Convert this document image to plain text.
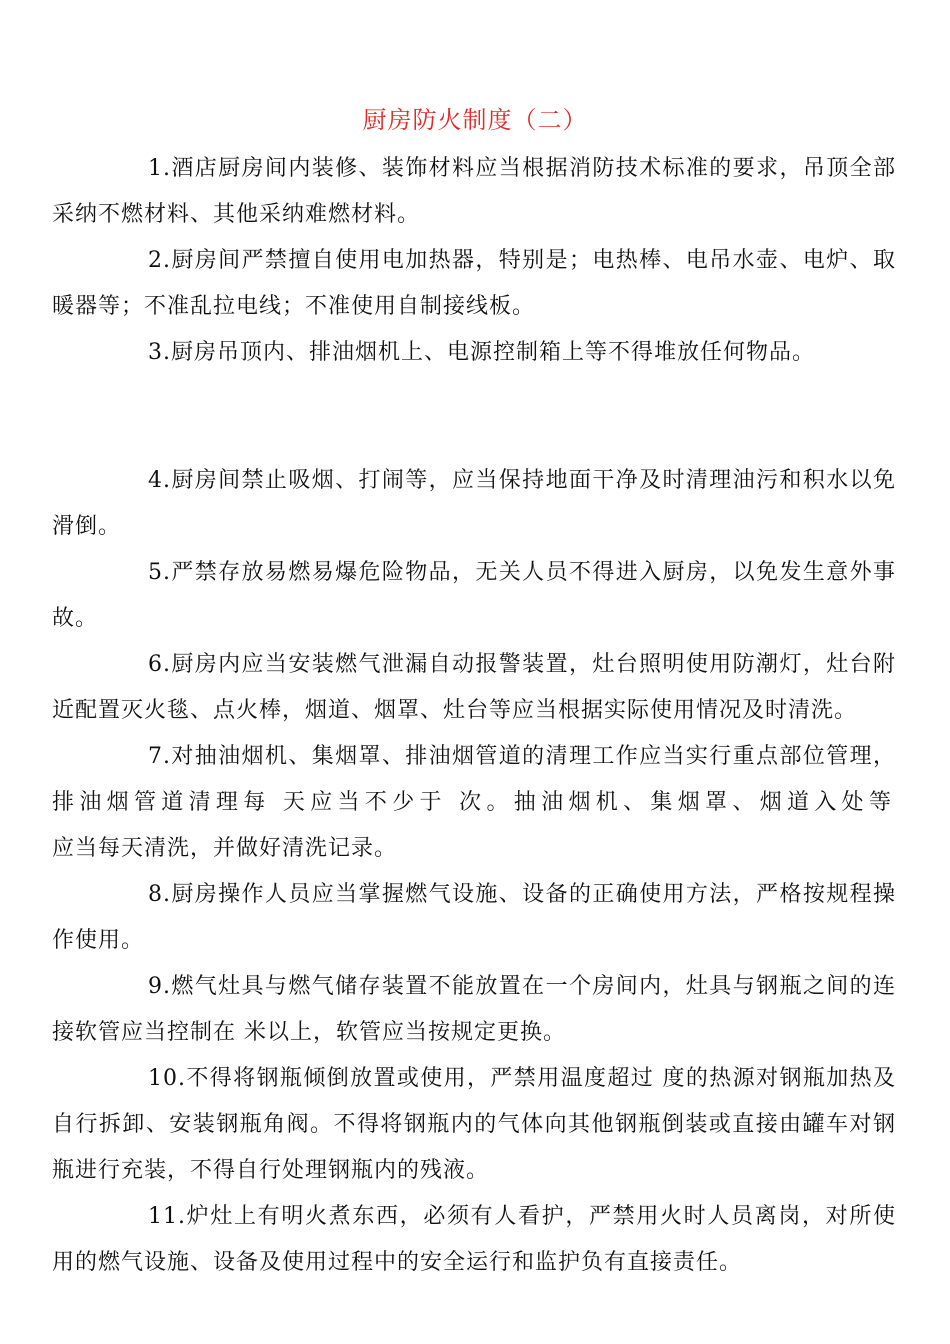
厨房防火制度（二）

1.酒店厨房间内装修、装饰材料应当根据消防技术标准的要求，吊顶全部采纳不燃材料、其他采纳难燃材料。

2.厨房间严禁擅自使用电加热器，特别是；电热棒、电吊水壶、电炉、取暖器等；不准乱拉电线；不准使用自制接线板。

3.厨房吊顶内、排油烟机上、电源控制箱上等不得堆放任何物品。

4.厨房间禁止吸烟、打闹等，应当保持地面干净及时清理油污和积水以免滑倒。

5.严禁存放易燃易爆危险物品，无关人员不得进入厨房，以免发生意外事故。

6.厨房内应当安装燃气泄漏自动报警装置，灶台照明使用防潮灯，灶台附近配置灭火毯、点火棒，烟道、烟罩、灶台等应当根据实际使用情况及时清洗。

7.对抽油烟机、集烟罩、排油烟管道的清理工作应当实行重点部位管理，排油烟管道清理每 天应当不少于 次。抽油烟机、集烟罩、烟道入处等应当每天清洗，并做好清洗记录。

8.厨房操作人员应当掌握燃气设施、设备的正确使用方法，严格按规程操作使用。

9.燃气灶具与燃气储存装置不能放置在一个房间内，灶具与钢瓶之间的连接软管应当控制在 米以上，软管应当按规定更换。

10.不得将钢瓶倾倒放置或使用，严禁用温度超过 度的热源对钢瓶加热及自行拆卸、安装钢瓶角阀。不得将钢瓶内的气体向其他钢瓶倒装或直接由罐车对钢瓶进行充装，不得自行处理钢瓶内的残液。

11.炉灶上有明火煮东西，必须有人看护，严禁用火时人员离岗，对所使用的燃气设施、设备及使用过程中的安全运行和监护负有直接责任。
